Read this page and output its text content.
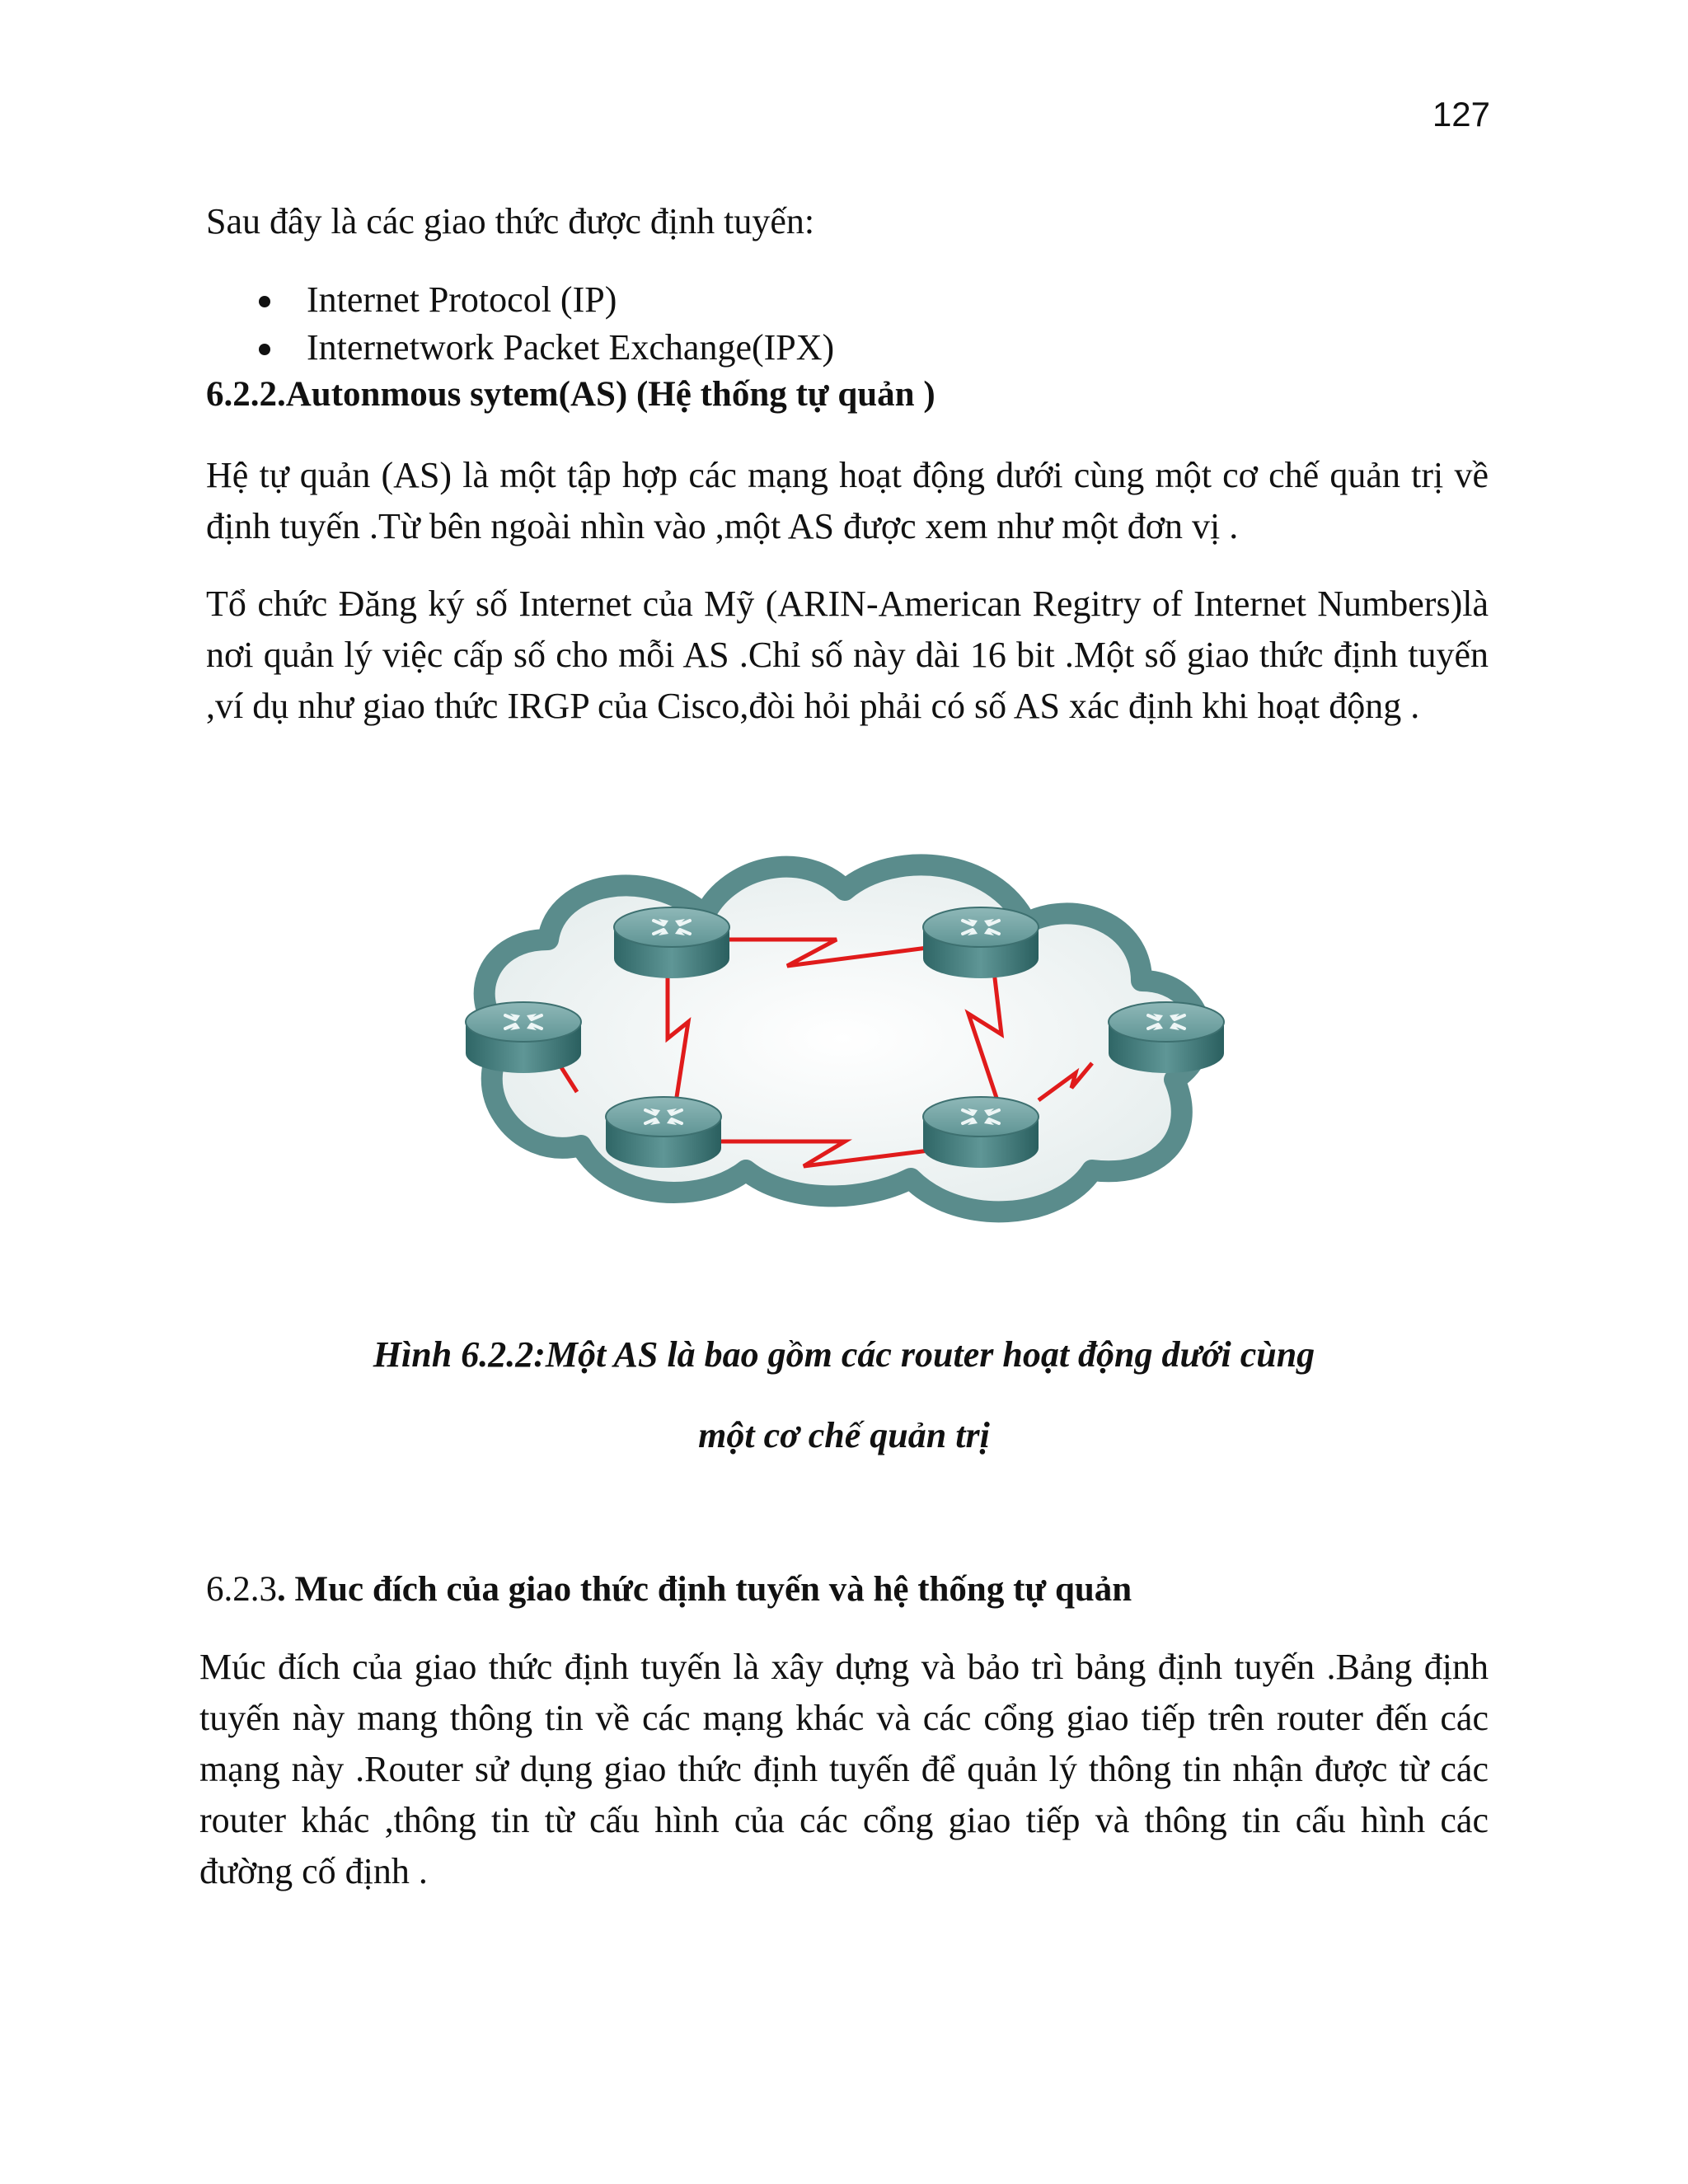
127
Sau đây là các giao thức được định tuyến:
Internet Protocol (IP)
Internetwork Packet Exchange(IPX)
6.2.2.Autonmous sytem(AS) (Hệ thống tự quản )
Hệ tự quản (AS) là một tập hợp các mạng hoạt động dưới cùng một cơ chế quản trị về định tuyến .Từ bên ngoài nhìn vào ,một AS được xem như một đơn vị .
Tổ chức Đăng ký số Internet của Mỹ (ARIN-American Regitry of Internet Numbers)là nơi quản lý việc cấp số cho mỗi AS .Chỉ số này dài 16 bit .Một số giao thức định tuyến ,ví dụ như giao thức IRGP của Cisco,đòi hỏi phải có số AS xác định khi hoạt động .
Hình 6.2.2:Một AS là bao gồm các router hoạt động dưới cùng
một cơ chế quản trị
6.2.3. Muc đích của giao thức định tuyến và hệ thống tự quản
Múc đích của giao thức định tuyến là xây dựng và bảo trì bảng định tuyến .Bảng định tuyến này mang thông tin về các mạng khác và các cổng giao tiếp trên router đến các mạng này .Router sử dụng giao thức định tuyến để quản lý thông tin nhận được từ các router khác ,thông tin từ cấu hình của các cổng giao tiếp và thông tin cấu hình các đường cố định .
